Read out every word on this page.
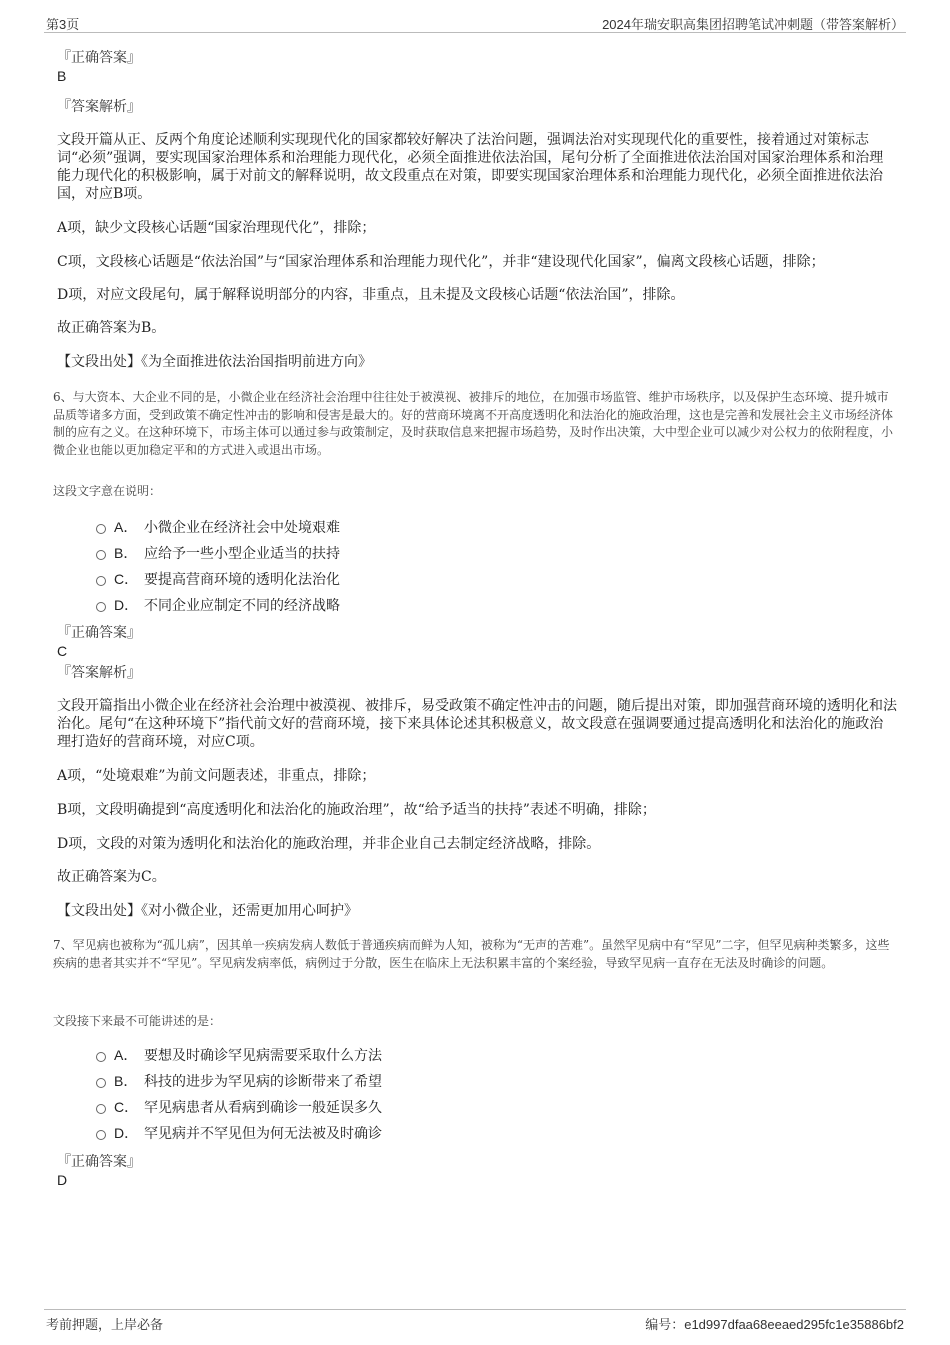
第3页	2024年瑞安职高集团招聘笔试冲刺题（带答案解析）
『正确答案』
B
『答案解析』
文段开篇从正、反两个角度论述顺利实现现代化的国家都较好解决了法治问题，强调法治对实现现代化的重要性，接着通过对策标志词“必须”强调，要实现国家治理体系和治理能力现代化，必须全面推进依法治国，尾句分析了全面推进依法治国对国家治理体系和治理能力现代化的积极影响，属于对前文的解释说明，故文段重点在对策，即要实现国家治理体系和治理能力现代化，必须全面推进依法治国，对应B项。
A项，缺少文段核心话题“国家治理现代化”，排除；
C项，文段核心话题是“依法治国”与“国家治理体系和治理能力现代化”，并非“建设现代化国家”，偏离文段核心话题，排除；
D项，对应文段尾句，属于解释说明部分的内容，非重点，且未提及文段核心话题“依法治国”，排除。
故正确答案为B。
【文段出处】《为全面推进依法治国指明前进方向》
6、与大资本、大企业不同的是，小微企业在经济社会治理中往往处于被漠视、被排斥的地位，在加强市场监管、维护市场秩序，以及保护生态环境、提升城市品质等诸多方面，受到政策不确定性冲击的影响和侵害是最大的。好的营商环境离不开高度透明化和法治化的施政治理，这也是完善和发展社会主义市场经济体制的应有之义。在这种环境下，市场主体可以通过参与政策制定，及时获取信息来把握市场趋势，及时作出决策，大中型企业可以减少对公权力的依附程度，小微企业也能以更加稳定平和的方式进入或退出市场。
这段文字意在说明：
A． 小微企业在经济社会中处境艰难
B． 应给予一些小型企业适当的扶持
C． 要提高营商环境的透明化法治化
D． 不同企业应制定不同的经济战略
『正确答案』
C
『答案解析』
文段开篇指出小微企业在经济社会治理中被漠视、被排斥，易受政策不确定性冲击的问题，随后提出对策，即加强营商环境的透明化和法治化。尾句“在这种环境下”指代前文好的营商环境，接下来具体论述其积极意义，故文段意在强调要通过提高透明化和法治化的施政治理打造好的营商环境，对应C项。
A项，“处境艰难”为前文问题表述，非重点，排除；
B项，文段明确提到“高度透明化和法治化的施政治理”，故“给予适当的扶持”表述不明确，排除；
D项，文段的对策为透明化和法治化的施政治理，并非企业自己去制定经济战略，排除。
故正确答案为C。
【文段出处】《对小微企业，还需更加用心呵护》
7、罕见病也被称为“孤儿病”，因其单一疾病发病人数低于普通疾病而鲜为人知，被称为“无声的苦难”。虽然罕见病中有“罕见”二字，但罕见病种类繁多，这些疾病的患者其实并不“罕见”。罕见病发病率低，病例过于分散，医生在临床上无法积累丰富的个案经验，导致罕见病一直存在无法及时确诊的问题。
文段接下来最不可能讲述的是：
A． 要想及时确诊罕见病需要采取什么方法
B． 科技的进步为罕见病的诊断带来了希望
C． 罕见病患者从看病到确诊一般延误多久
D． 罕见病并不罕见但为何无法被及时确诊
『正确答案』
D
考前押题，上岸必备	编号：e1d997dfaa68eeaed295fc1e35886bf2
